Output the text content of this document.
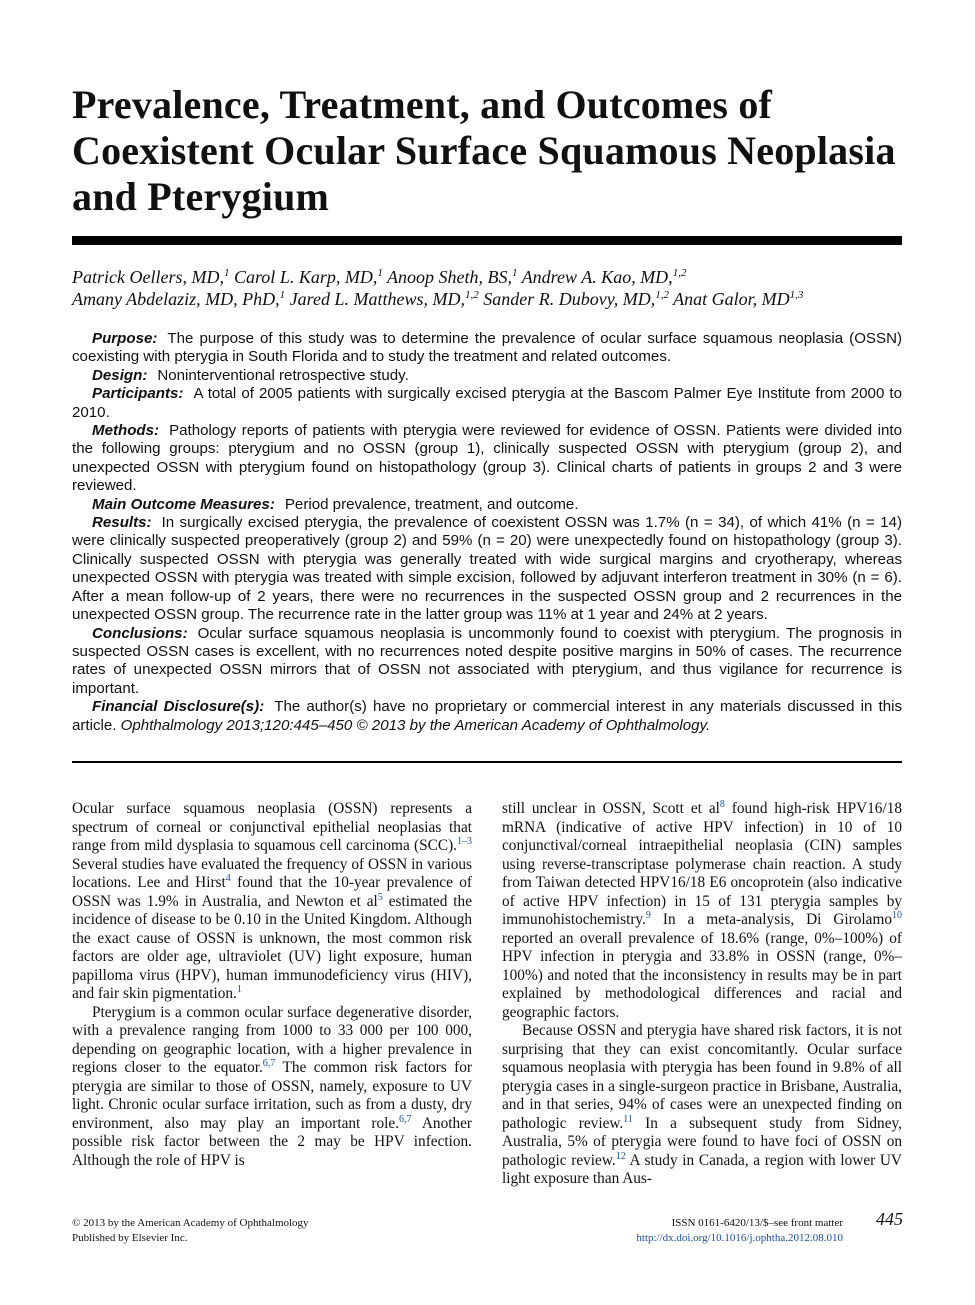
Prevalence, Treatment, and Outcomes of Coexistent Ocular Surface Squamous Neoplasia and Pterygium
Patrick Oellers, MD,$^1$ Carol L. Karp, MD,$^1$ Anoop Sheth, BS,$^1$ Andrew A. Kao, MD,$^{1,2}$
Amany Abdelaziz, MD, PhD,$^1$ Jared L. Matthews, MD,$^{1,2}$ Sander R. Dubovy, MD,$^{1,2}$ Anat Galor, MD$^{1,3}$

Purpose: The purpose of this study was to determine the prevalence of ocular surface squamous neoplasia (OSSN) coexisting with pterygia in South Florida and to study the treatment and related outcomes.

Design: Noninterventional retrospective study.

Participants: A total of 2005 patients with surgically excised pterygia at the Bascom Palmer Eye Institute from 2000 to 2010.

Methods: Pathology reports of patients with pterygia were reviewed for evidence of OSSN. Patients were divided into the following groups: pterygium and no OSSN (group 1), clinically suspected OSSN with pterygium (group 2), and unexpected OSSN with pterygium found on histopathology (group 3). Clinical charts of patients in groups 2 and 3 were reviewed.

Main Outcome Measures: Period prevalence, treatment, and outcome.

Results: In surgically excised pterygia, the prevalence of coexistent OSSN was 1.7% (n = 34), of which 41% (n = 14) were clinically suspected preoperatively (group 2) and 59% (n = 20) were unexpectedly found on histopathology (group 3). Clinically suspected OSSN with pterygia was generally treated with wide surgical margins and cryotherapy, whereas unexpected OSSN with pterygia was treated with simple excision, followed by adjuvant interferon treatment in 30% (n = 6). After a mean follow-up of 2 years, there were no recurrences in the suspected OSSN group and 2 recurrences in the unexpected OSSN group. The recurrence rate in the latter group was 11% at 1 year and 24% at 2 years.

Conclusions: Ocular surface squamous neoplasia is uncommonly found to coexist with pterygium. The prognosis in suspected OSSN cases is excellent, with no recurrences noted despite positive margins in 50% of cases. The recurrence rates of unexpected OSSN mirrors that of OSSN not associated with pterygium, and thus vigilance for recurrence is important.

Financial Disclosure(s): The author(s) have no proprietary or commercial interest in any materials discussed in this article. Ophthalmology 2013;120:445–450 © 2013 by the American Academy of Ophthalmology.

Ocular surface squamous neoplasia (OSSN) represents a spectrum of corneal or conjunctival epithelial neoplasias that range from mild dysplasia to squamous cell carcinoma (SCC).$^{1-3}$ Several studies have evaluated the frequency of OSSN in various locations. Lee and Hirst$^4$ found that the 10-year prevalence of OSSN was 1.9% in Australia, and Newton et $al^5$ estimated the incidence of disease to be 0.10 in the United Kingdom. Although the exact cause of OSSN is unknown, the most common risk factors are older age, ultraviolet (UV) light exposure, human papilloma virus (HPV), human immunodeficiency virus (HIV), and fair skin pigmentation.$^1$

Pterygium is a common ocular surface degenerative disorder, with a prevalence ranging from 1000 to 33 000 per 100 000, depending on geographic location, with a higher prevalence in regions closer to the equator.$^{6,7}$ The common risk factors for pterygia are similar to those of OSSN, namely, exposure to UV light. Chronic ocular surface irritation, such as from a dusty, dry environment, also may play an important role.$^{6,7}$ Another possible risk factor between the 2 may be HPV infection. Although the role of HPV is

still unclear in OSSN, Scott et $al^8$ found high-risk HPV16/18 mRNA (indicative of active HPV infection) in 10 of 10 conjunctival/corneal intraepithelial neoplasia (CIN) samples using reverse-transcriptase polymerase chain reaction. A study from Taiwan detected HPV16/18 E6 oncoprotein (also indicative of active HPV infection) in 15 of 131 pterygia samples by immunohistochemistry.$^9$ In a meta-analysis, Di Girolamo$^{10}$ reported an overall prevalence of 18.6% (range, 0%–100%) of HPV infection in pterygia and 33.8% in OSSN (range, 0%–100%) and noted that the inconsistency in results may be in part explained by methodological differences and racial and geographic factors.

Because OSSN and pterygia have shared risk factors, it is not surprising that they can exist concomitantly. Ocular surface squamous neoplasia with pterygia has been found in 9.8% of all pterygia cases in a single-surgeon practice in Brisbane, Australia, and in that series, 94% of cases were an unexpected finding on pathologic review.$^{11}$ In a subsequent study from Sidney, Australia, 5% of pterygia were found to have foci of OSSN on pathologic review.$^{12}$ A study in Canada, a region with lower UV light exposure than Aus-

© 2013 by the American Academy of Ophthalmology
Published by Elsevier Inc.
ISSN 0161-6420/13/$–see front matter
http://dx.doi.org/10.1016/j.ophtha.2012.08.010
445
